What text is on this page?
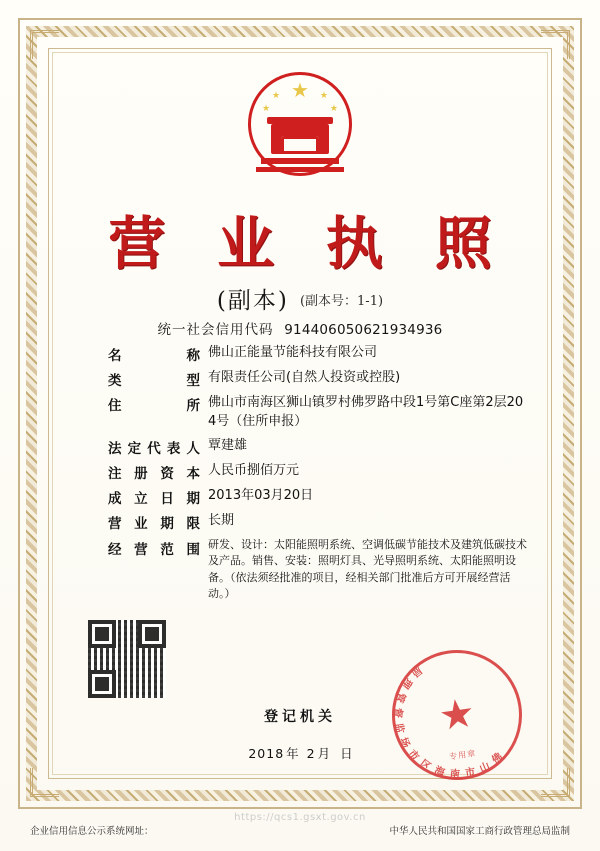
★
★
★
★
★
营 业 执 照
(副本) (副本号：1-1)
统一社会信用代码 914406050621934936
名　称 佛山正能量节能科技有限公司
类　型 有限责任公司(自然人投资或控股)
住　所 佛山市南海区狮山镇罗村佛罗路中段1号第C座第2层204号（住所申报）
法定代表人 覃建雄
注册资本 人民币捌佰万元
成立日期 2013年03月20日
营业期限 长期
经营范围 研发、设计：太阳能照明系统、空调低碳节能技术及建筑低碳技术及产品。销售、安装：照明灯具、光导照明系统、太阳能照明设备。（依法须经批准的项目，经相关部门批准后方可开展经营活动。）
★
佛
山
市
南
海
区
市
场
监
督
管
理
局
专用章
登记机关
2018 年 2 月 日
https://qcs1.gsxt.gov.cn
企业信用信息公示系统网址：	中华人民共和国国家工商行政管理总局监制
